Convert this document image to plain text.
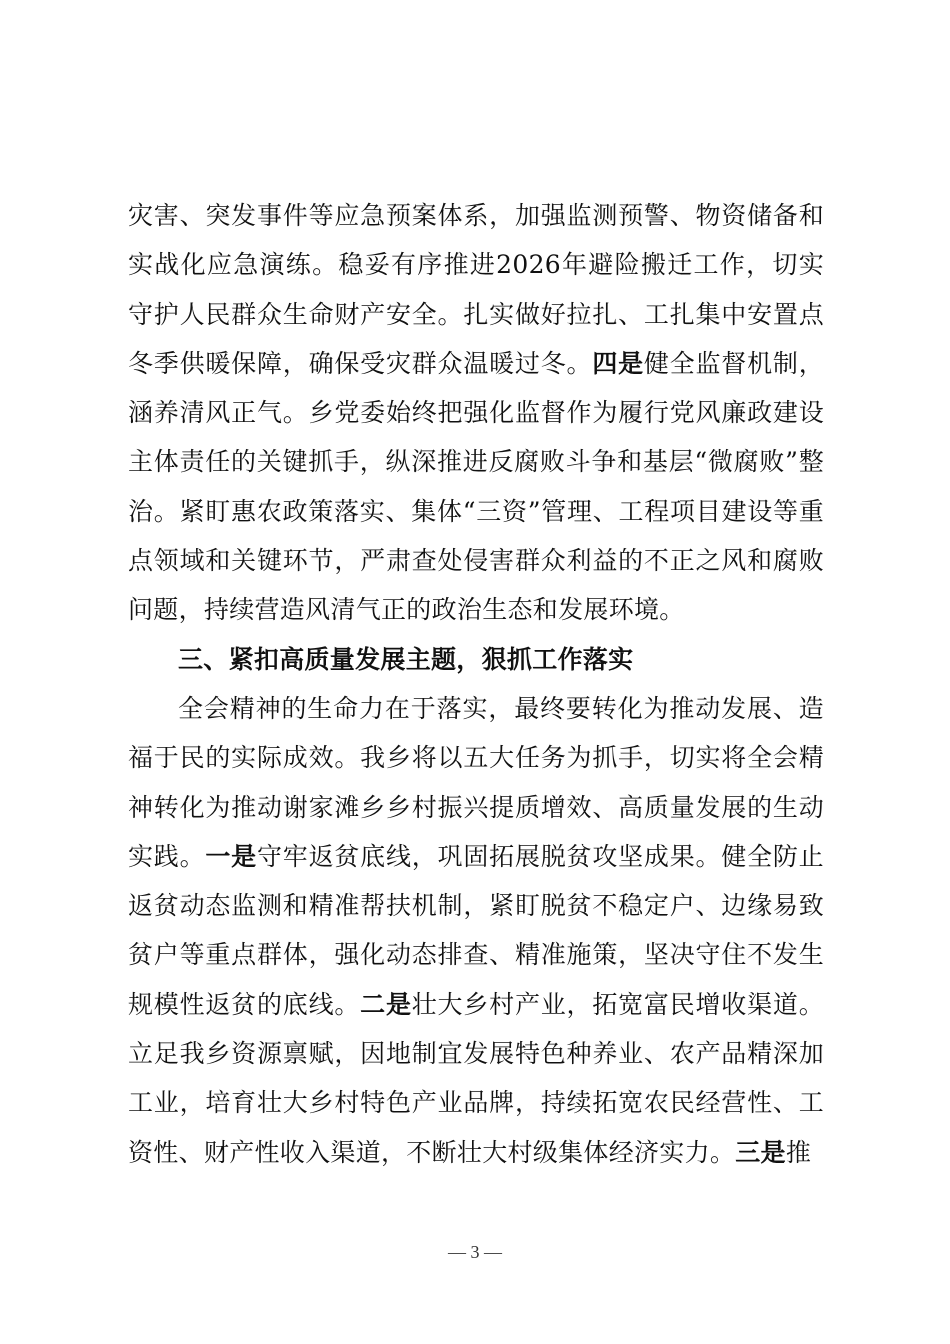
灾害、突发事件等应急预案体系，加强监测预警、物资储备和实战化应急演练。稳妥有序推进2026年避险搬迁工作，切实守护人民群众生命财产安全。扎实做好拉扎、工扎集中安置点冬季供暖保障，确保受灾群众温暖过冬。四是健全监督机制，涵养清风正气。乡党委始终把强化监督作为履行党风廉政建设主体责任的关键抓手，纵深推进反腐败斗争和基层“微腐败”整治。紧盯惠农政策落实、集体“三资”管理、工程项目建设等重点领域和关键环节，严肃查处侵害群众利益的不正之风和腐败问题，持续营造风清气正的政治生态和发展环境。

三、紧扣高质量发展主题，狠抓工作落实

全会精神的生命力在于落实，最终要转化为推动发展、造福于民的实际成效。我乡将以五大任务为抓手，切实将全会精神转化为推动谢家滩乡乡村振兴提质增效、高质量发展的生动实践。一是守牢返贫底线，巩固拓展脱贫攻坚成果。健全防止返贫动态监测和精准帮扶机制，紧盯脱贫不稳定户、边缘易致贫户等重点群体，强化动态排查、精准施策，坚决守住不发生规模性返贫的底线。二是壮大乡村产业，拓宽富民增收渠道。立足我乡资源禀赋，因地制宜发展特色种养业、农产品精深加工业，培育壮大乡村特色产业品牌，持续拓宽农民经营性、工资性、财产性收入渠道，不断壮大村级集体经济实力。三是推

— 3 —
